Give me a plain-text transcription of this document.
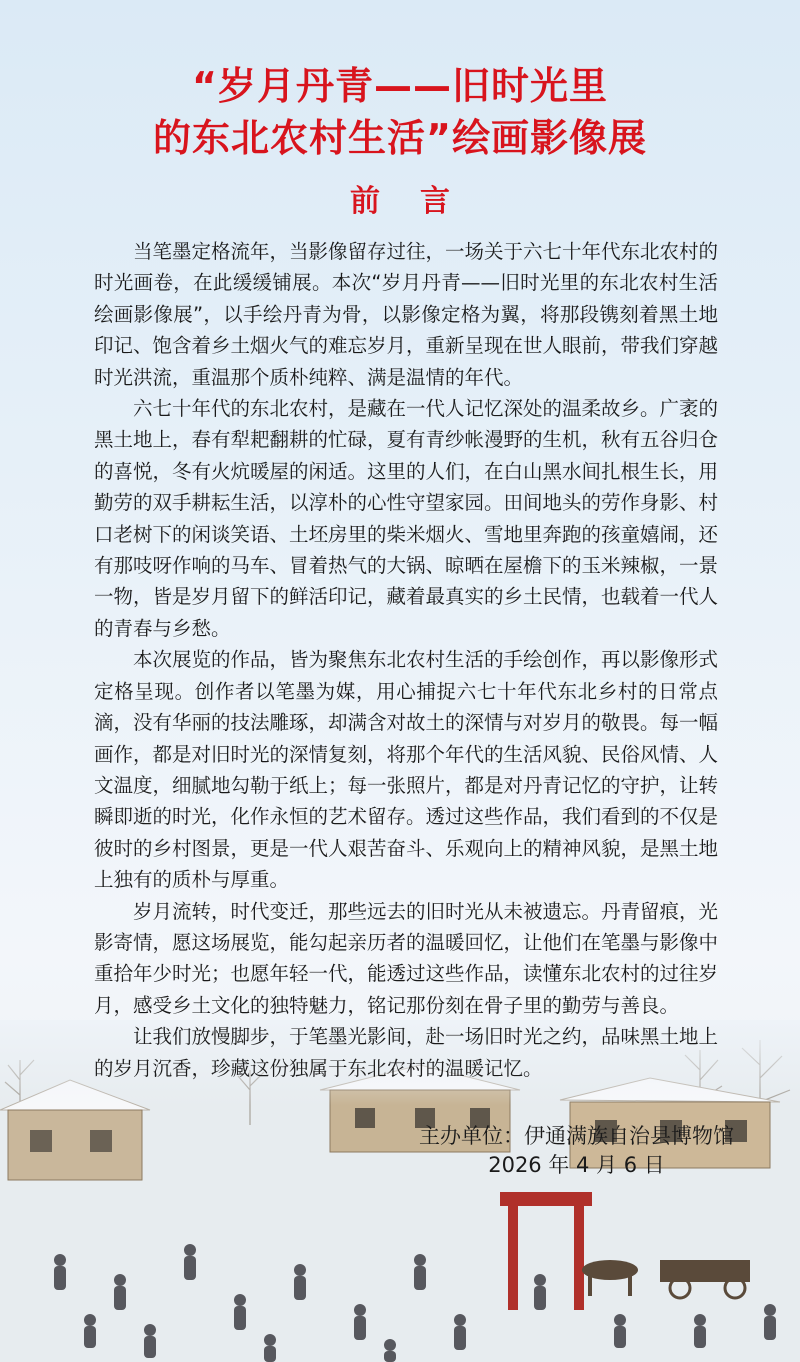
“岁月丹青——旧时光里
的东北农村生活”绘画影像展
前言

当笔墨定格流年，当影像留存过往，一场关于六七十年代东北农村的时光画卷，在此缓缓铺展。本次“岁月丹青——旧时光里的东北农村生活绘画影像展”，以手绘丹青为骨，以影像定格为翼，将那段镌刻着黑土地印记、饱含着乡土烟火气的难忘岁月，重新呈现在世人眼前，带我们穿越时光洪流，重温那个质朴纯粹、满是温情的年代。

六七十年代的东北农村，是藏在一代人记忆深处的温柔故乡。广袤的黑土地上，春有犁耙翻耕的忙碌，夏有青纱帐漫野的生机，秋有五谷归仓的喜悦，冬有火炕暖屋的闲适。这里的人们，在白山黑水间扎根生长，用勤劳的双手耕耘生活，以淳朴的心性守望家园。田间地头的劳作身影、村口老树下的闲谈笑语、土坯房里的柴米烟火、雪地里奔跑的孩童嬉闹，还有那吱呀作响的马车、冒着热气的大锅、晾晒在屋檐下的玉米辣椒，一景一物，皆是岁月留下的鲜活印记，藏着最真实的乡土民情，也载着一代人的青春与乡愁。

本次展览的作品，皆为聚焦东北农村生活的手绘创作，再以影像形式定格呈现。创作者以笔墨为媒，用心捕捉六七十年代东北乡村的日常点滴，没有华丽的技法雕琢，却满含对故土的深情与对岁月的敬畏。每一幅画作，都是对旧时光的深情复刻，将那个年代的生活风貌、民俗风情、人文温度，细腻地勾勒于纸上；每一张照片，都是对丹青记忆的守护，让转瞬即逝的时光，化作永恒的艺术留存。透过这些作品，我们看到的不仅是彼时的乡村图景，更是一代人艰苦奋斗、乐观向上的精神风貌，是黑土地上独有的质朴与厚重。

岁月流转，时代变迁，那些远去的旧时光从未被遗忘。丹青留痕，光影寄情，愿这场展览，能勾起亲历者的温暖回忆，让他们在笔墨与影像中重拾年少时光；也愿年轻一代，能透过这些作品，读懂东北农村的过往岁月，感受乡土文化的独特魅力，铭记那份刻在骨子里的勤劳与善良。

让我们放慢脚步，于笔墨光影间，赴一场旧时光之约，品味黑土地上的岁月沉香，珍藏这份独属于东北农村的温暖记忆。

主办单位：伊通满族自治县博物馆
2026 年 4 月 6 日
